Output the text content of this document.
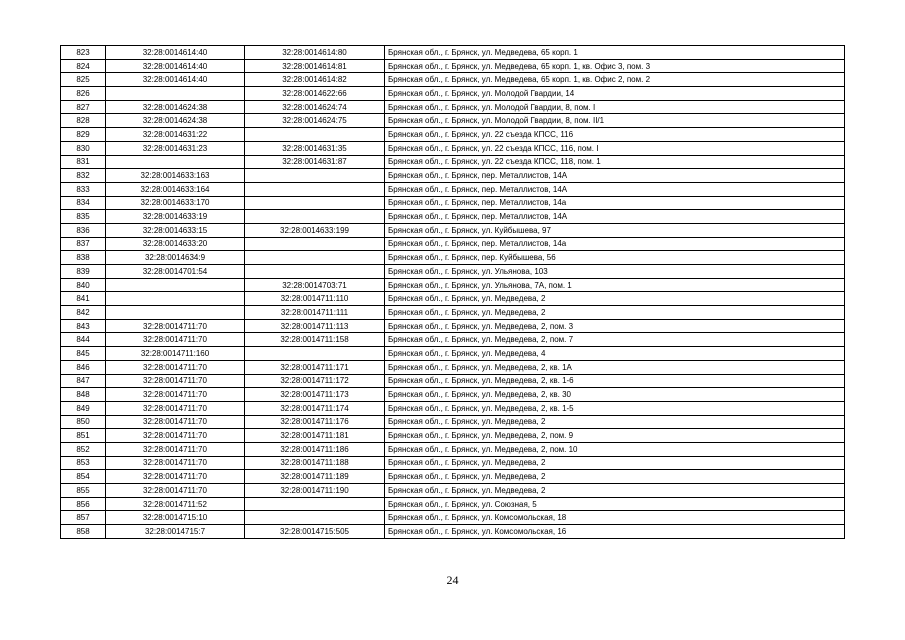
823	32:28:0014614:40	32:28:0014614:80	Брянская обл., г. Брянск, ул. Медведева, 65 корп. 1
824	32:28:0014614:40	32:28:0014614:81	Брянская обл., г. Брянск, ул. Медведева, 65 корп. 1, кв. Офис 3, пом. 3
825	32:28:0014614:40	32:28:0014614:82	Брянская обл., г. Брянск, ул. Медведева, 65 корп. 1, кв. Офис 2, пом. 2
826		32:28:0014622:66	Брянская обл., г. Брянск, ул. Молодой Гвардии, 14
827	32:28:0014624:38	32:28:0014624:74	Брянская обл., г. Брянск, ул. Молодой Гвардии, 8, пом. I
828	32:28:0014624:38	32:28:0014624:75	Брянская обл., г. Брянск, ул. Молодой Гвардии, 8, пом. II/1
829	32:28:0014631:22		Брянская обл., г. Брянск, ул. 22 съезда КПСС, 116
830	32:28:0014631:23	32:28:0014631:35	Брянская обл., г. Брянск, ул. 22 съезда КПСС, 116, пом. I
831		32:28:0014631:87	Брянская обл., г. Брянск, ул. 22 съезда КПСС, 118, пом. 1
832	32:28:0014633:163		Брянская обл., г. Брянск, пер. Металлистов, 14А
833	32:28:0014633:164		Брянская обл., г. Брянск, пер. Металлистов, 14А
834	32:28:0014633:170		Брянская обл., г. Брянск, пер. Металлистов, 14а
835	32:28:0014633:19		Брянская обл., г. Брянск, пер. Металлистов, 14А
836	32:28:0014633:15	32:28:0014633:199	Брянская обл., г. Брянск, ул. Куйбышева, 97
837	32:28:0014633:20		Брянская обл., г. Брянск, пер. Металлистов, 14а
838	32:28:0014634:9		Брянская обл., г. Брянск, пер. Куйбышева, 56
839	32:28:0014701:54		Брянская обл., г. Брянск, ул. Ульянова, 103
840		32:28:0014703:71	Брянская обл., г. Брянск, ул. Ульянова, 7А, пом. 1
841		32:28:0014711:110	Брянская обл., г. Брянск, ул. Медведева, 2
842		32:28:0014711:111	Брянская обл., г. Брянск, ул. Медведева, 2
843	32:28:0014711:70	32:28:0014711:113	Брянская обл., г. Брянск, ул. Медведева, 2, пом. 3
844	32:28:0014711:70	32:28:0014711:158	Брянская обл., г. Брянск, ул. Медведева, 2, пом. 7
845	32:28:0014711:160		Брянская обл., г. Брянск, ул. Медведева, 4
846	32:28:0014711:70	32:28:0014711:171	Брянская обл., г. Брянск, ул. Медведева, 2, кв. 1А
847	32:28:0014711:70	32:28:0014711:172	Брянская обл., г. Брянск, ул. Медведева, 2, кв. 1-6
848	32:28:0014711:70	32:28:0014711:173	Брянская обл., г. Брянск, ул. Медведева, 2, кв. 30
849	32:28:0014711:70	32:28:0014711:174	Брянская обл., г. Брянск, ул. Медведева, 2, кв. 1-5
850	32:28:0014711:70	32:28:0014711:176	Брянская обл., г. Брянск, ул. Медведева, 2
851	32:28:0014711:70	32:28:0014711:181	Брянская обл., г. Брянск, ул. Медведева, 2, пом. 9
852	32:28:0014711:70	32:28:0014711:186	Брянская обл., г. Брянск, ул. Медведева, 2, пом. 10
853	32:28:0014711:70	32:28:0014711:188	Брянская обл., г. Брянск, ул. Медведева, 2
854	32:28:0014711:70	32:28:0014711:189	Брянская обл., г. Брянск, ул. Медведева, 2
855	32:28:0014711:70	32:28:0014711:190	Брянская обл., г. Брянск, ул. Медведева, 2
856	32:28:0014711:52		Брянская обл., г. Брянск, ул. Союзная, 5
857	32:28:0014715:10		Брянская обл., г. Брянск, ул. Комсомольская, 18
858	32:28:0014715:7	32:28:0014715:505	Брянская обл., г. Брянск, ул. Комсомольская, 16
24
